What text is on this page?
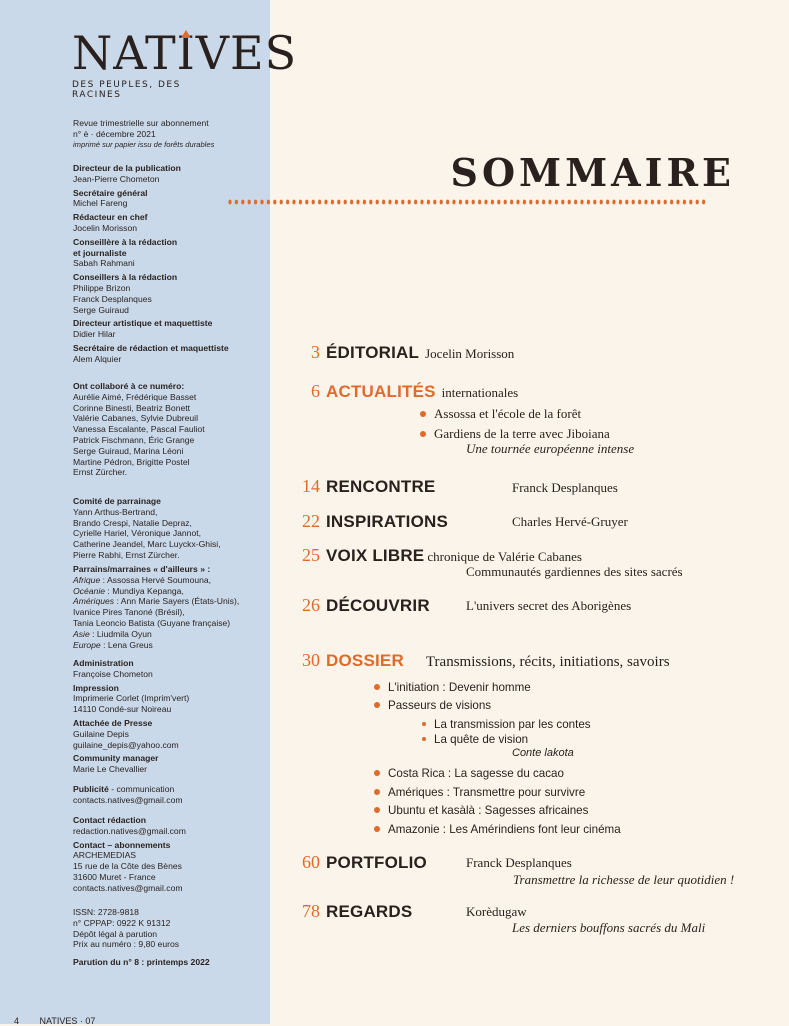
NATIVES
DES PEUPLES, DES RACINES
Revue trimestrielle sur abonnement
n° è · décembre 2021
imprimé sur papier issu de forêts durables
Directeur de la publication
Jean-Pierre Chometon
Secrétaire général
Michel Fareng
Rédacteur en chef
Jocelin Morisson
Conseillère à la rédaction et journaliste
Sabah Rahmani
Conseillers à la rédaction
Philippe Brizon
Franck Desplanques
Serge Guiraud
Directeur artistique et maquettiste
Didier Hilar
Secrétaire de rédaction et maquettiste
Alem Alquier
Ont collaboré à ce numéro:
Aurélie Aimé, Frédérique Basset
Corinne Binesti, Beatriz Bonett
Valérie Cabanes, Sylvie Dubreuil
Vanessa Escalante, Pascal Fauliot
Patrick Fischmann, Éric Grange
Serge Guiraud, Marina Léoni
Martine Pédron, Brigitte Postel
Ernst Zürcher.
Comité de parrainage
Yann Arthus-Bertrand,
Brando Crespi, Natalie Depraz,
Cyrielle Hariel, Véronique Jannot,
Catherine Jeandel, Marc Luyckx-Ghisi,
Pierre Rabhi, Ernst Zürcher.
Parrains/marraines « d'ailleurs » :
Afrique : Assossa Hervé Soumouna,
Océanie : Mundiya Kepanga,
Amériques : Ann Marie Sayers (États-Unis),
Ivanice Pires Tanoné (Brésil),
Tania Leoncio Batista (Guyane française)
Asie : Liudmila Oyun
Europe : Lena Greus
Administration
Françoise Chometon
Impression
Imprimerie Corlet (Imprim'vert)
14110 Condé-sur Noireau
Attachée de Presse
Guilaine Depis
guilaine_depis@yahoo.com
Community manager
Marie Le Chevallier
Publicité - communication
contacts.natives@gmail.com
Contact rédaction
redaction.natives@gmail.com
Contact – abonnements
ARCHEMEDIAS
15 rue de la Côte des Bènes
31600 Muret - France
contacts.natives@gmail.com
ISSN: 2728-9818
n° CPPAP: 0922 K 91312
Dépôt légal à parution
Prix au numéro : 9,80 euros
Parution du n° 8 : printemps 2022
4 NATIVES · 07
SOMMAIRE
3 ÉDITORIAL Jocelin Morisson
6 ACTUALITÉS internationales
Assossa et l'école de la forêt
Gardiens de la terre avec Jiboiana
Une tournée européenne intense
14 RENCONTRE	Franck Desplanques
22 INSPIRATIONS	Charles Hervé-Gruyer
25 VOIX LIBRE chronique de Valérie Cabanes
Communautés gardiennes des sites sacrés
26 DÉCOUVRIR	L'univers secret des Aborigènes
30 DOSSIER Transmissions, récits, initiations, savoirs
L'initiation : Devenir homme
Passeurs de visions
La transmission par les contes
La quête de vision
Conte lakota
Costa Rica : La sagesse du cacao
Amériques : Transmettre pour survivre
Ubuntu et kasàlà : Sagesses africaines
Amazonie : Les Amérindiens font leur cinéma
60 PORTFOLIO	Franck Desplanques
Transmettre la richesse de leur quotidien !
78 REGARDS	Korèdugaw
Les derniers bouffons sacrés du Mali
